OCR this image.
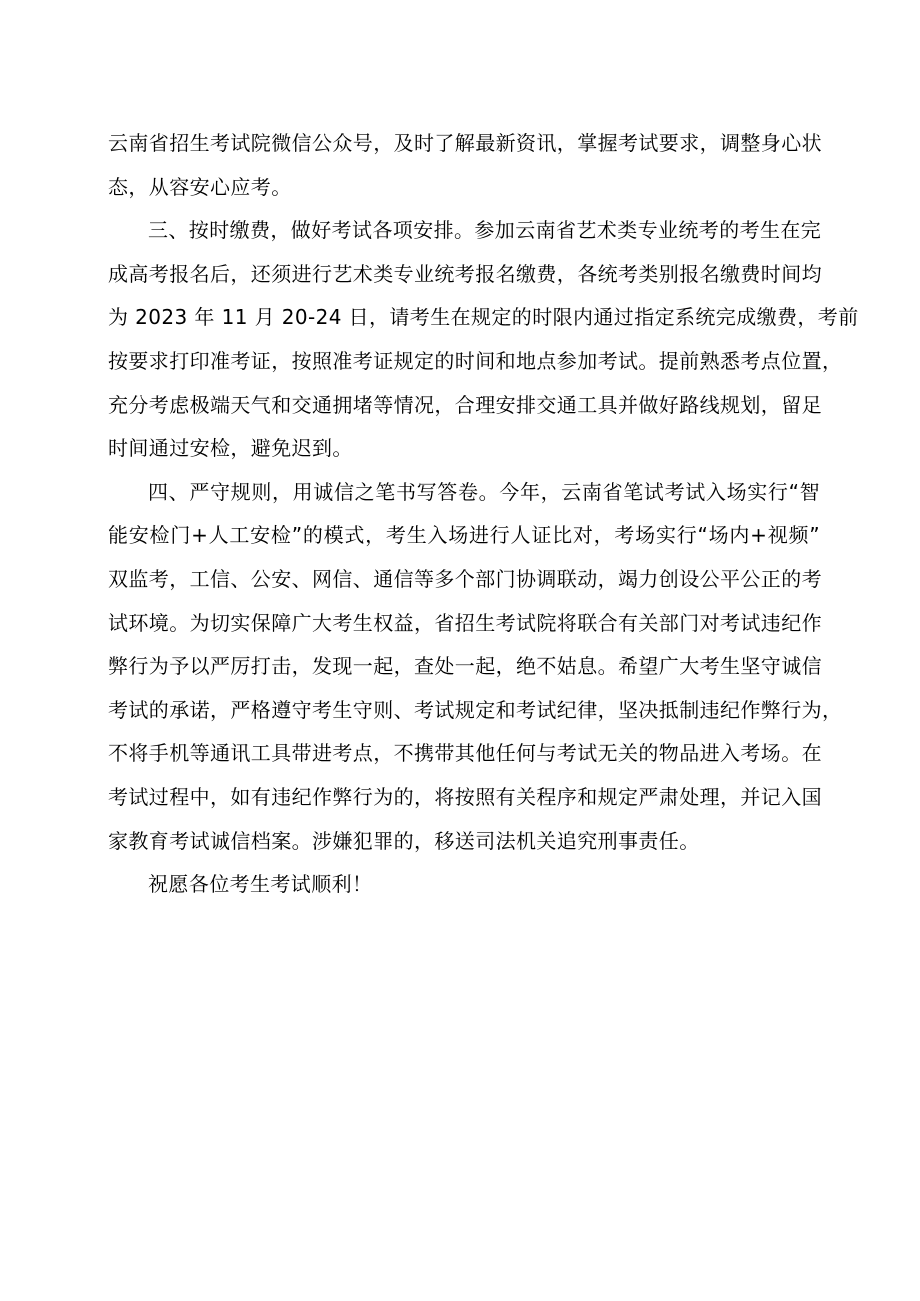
云南省招生考试院微信公众号，及时了解最新资讯，掌握考试要求，调整身心状
态，从容安心应考。
三、按时缴费，做好考试各项安排。参加云南省艺术类专业统考的考生在完
成高考报名后，还须进行艺术类专业统考报名缴费，各统考类别报名缴费时间均
为 2023 年 11 月 20-24 日，请考生在规定的时限内通过指定系统完成缴费，考前
按要求打印准考证，按照准考证规定的时间和地点参加考试。提前熟悉考点位置，
充分考虑极端天气和交通拥堵等情况，合理安排交通工具并做好路线规划，留足
时间通过安检，避免迟到。
四、严守规则，用诚信之笔书写答卷。今年，云南省笔试考试入场实行“智
能安检门+人工安检”的模式，考生入场进行人证比对，考场实行“场内+视频”
双监考，工信、公安、网信、通信等多个部门协调联动，竭力创设公平公正的考
试环境。为切实保障广大考生权益，省招生考试院将联合有关部门对考试违纪作
弊行为予以严厉打击，发现一起，查处一起，绝不姑息。希望广大考生坚守诚信
考试的承诺，严格遵守考生守则、考试规定和考试纪律，坚决抵制违纪作弊行为，
不将手机等通讯工具带进考点，不携带其他任何与考试无关的物品进入考场。在
考试过程中，如有违纪作弊行为的，将按照有关程序和规定严肃处理，并记入国
家教育考试诚信档案。涉嫌犯罪的，移送司法机关追究刑事责任。
祝愿各位考生考试顺利！
